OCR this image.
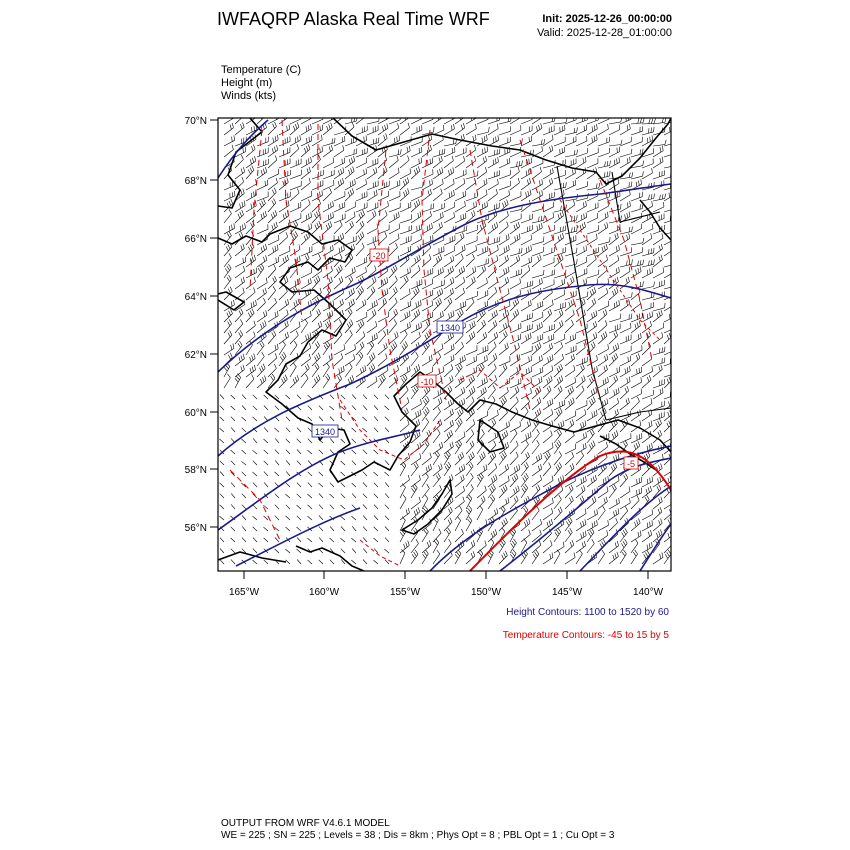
IWFAQRP Alaska Real Time WRF	Init: 2025-12-26_00:00:00
Valid: 2025-12-28_01:00:00
Temperature (C)
Height (m)
Winds (kts)
-20
1340
1340
-10
-5
70°N
68°N
66°N
64°N
62°N
60°N
58°N
56°N
165°W	160°W	155°W	150°W	145°W	140°W
Height Contours: 1100 to 1520 by 60
Temperature Contours: -45 to 15 by 5
OUTPUT FROM WRF V4.6.1 MODEL
WE = 225 ; SN = 225 ; Levels = 38 ; Dis = 8km ; Phys Opt = 8 ; PBL Opt = 1 ; Cu Opt = 3
